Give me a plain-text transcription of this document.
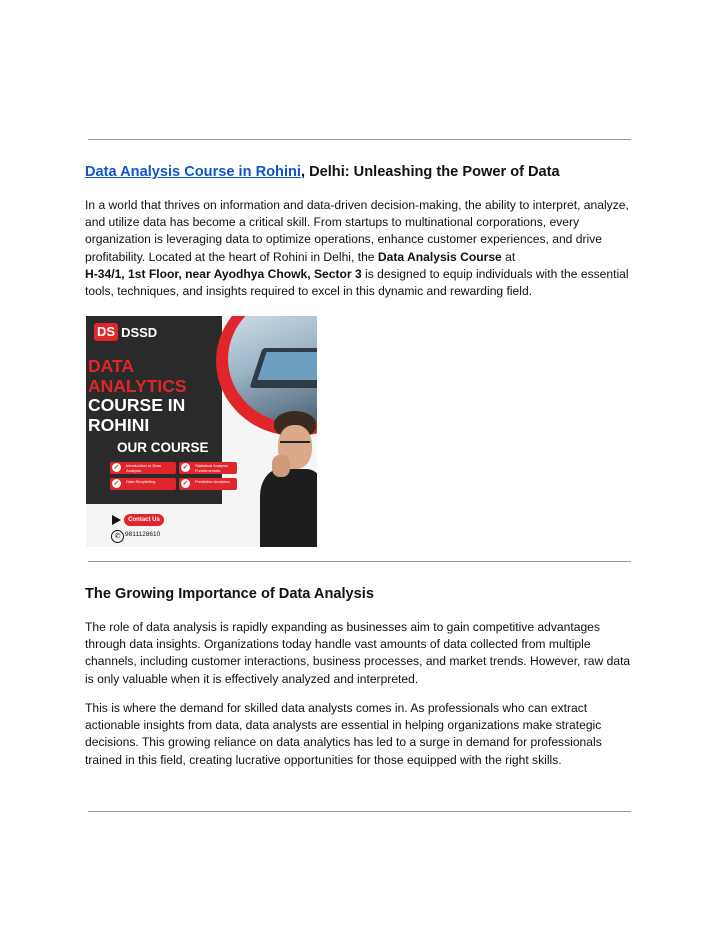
Data Analysis Course in Rohini, Delhi: Unleashing the Power of Data

In a world that thrives on information and data-driven decision-making, the ability to interpret, analyze, and utilize data has become a critical skill. From startups to multinational corporations, every organization is leveraging data to optimize operations, enhance customer experiences, and drive profitability. Located at the heart of Rohini in Delhi, the Data Analysis Course at
H-34/1, 1st Floor, near Ayodhya Chowk, Sector 3 is designed to equip individuals with the essential tools, techniques, and insights required to excel in this dynamic and rewarding field.

DS DSSD
DATA
ANALYTICS
COURSE IN
ROHINI
OUR COURSE
✓	Introduction to Data Analysis	✓	Statistical Analysis Fundamentals
✓	Data Storytelling	✓	Predictive Analytics
Contact Us
✆ 9811128610
The Growing Importance of Data Analysis

The role of data analysis is rapidly expanding as businesses aim to gain competitive advantages through data insights. Organizations today handle vast amounts of data collected from multiple channels, including customer interactions, business processes, and market trends. However, raw data is only valuable when it is effectively analyzed and interpreted.

This is where the demand for skilled data analysts comes in. As professionals who can extract actionable insights from data, data analysts are essential in helping organizations make strategic decisions. This growing reliance on data analytics has led to a surge in demand for professionals trained in this field, creating lucrative opportunities for those equipped with the right skills.
